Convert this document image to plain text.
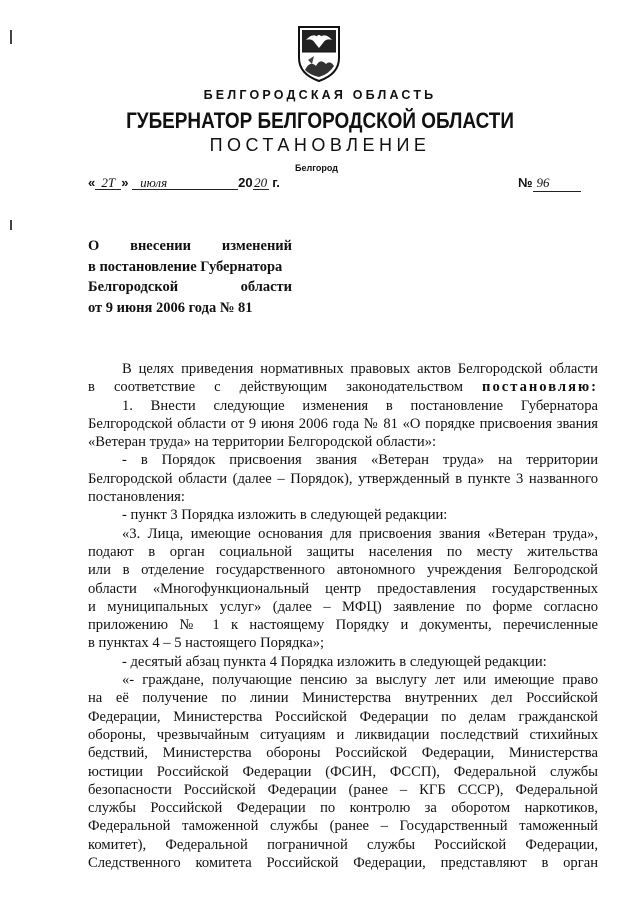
БЕЛГОРОДСКАЯ ОБЛАСТЬ
ГУБЕРНАТОР БЕЛГОРОДСКОЙ ОБЛАСТИ
ПОСТАНОВЛЕНИЕ
Белгород
« 2Т » июля	20 20 г.	№ 96
О внесении изменений
в постановление Губернатора
Белгородской	области
от 9 июня 2006 года № 81
В целях приведения нормативных правовых актов Белгородской области
в соответствие с действующим законодательством постановляю:
1. Внести следующие изменения в постановление Губернатора
Белгородской области от 9 июня 2006 года № 81 «О порядке присвоения звания
«Ветеран труда» на территории Белгородской области»:
- в Порядок присвоения звания «Ветеран труда» на территории
Белгородской области (далее – Порядок), утвержденный в пункте 3 названного
постановления:
- пункт 3 Порядка изложить в следующей редакции:
«3. Лица, имеющие основания для присвоения звания «Ветеран труда»,
подают в орган социальной защиты населения по месту жительства
или в отделение государственного автономного учреждения Белгородской
области «Многофункциональный центр предоставления государственных
и муниципальных услуг» (далее – МФЦ) заявление по форме согласно
приложению № 1 к настоящему Порядку и документы, перечисленные
в пунктах 4 – 5 настоящего Порядка»;
- десятый абзац пункта 4 Порядка изложить в следующей редакции:
«- граждане, получающие пенсию за выслугу лет или имеющие право
на её получение по линии Министерства внутренних дел Российской
Федерации, Министерства Российской Федерации по делам гражданской
обороны, чрезвычайным ситуациям и ликвидации последствий стихийных
бедствий, Министерства обороны Российской Федерации, Министерства
юстиции Российской Федерации (ФСИН, ФССП), Федеральной службы
безопасности Российской Федерации (ранее – КГБ СССР), Федеральной
службы Российской Федерации по контролю за оборотом наркотиков,
Федеральной таможенной службы (ранее – Государственный таможенный
комитет), Федеральной пограничной службы Российской Федерации,
Следственного комитета Российской Федерации, представляют в орган
